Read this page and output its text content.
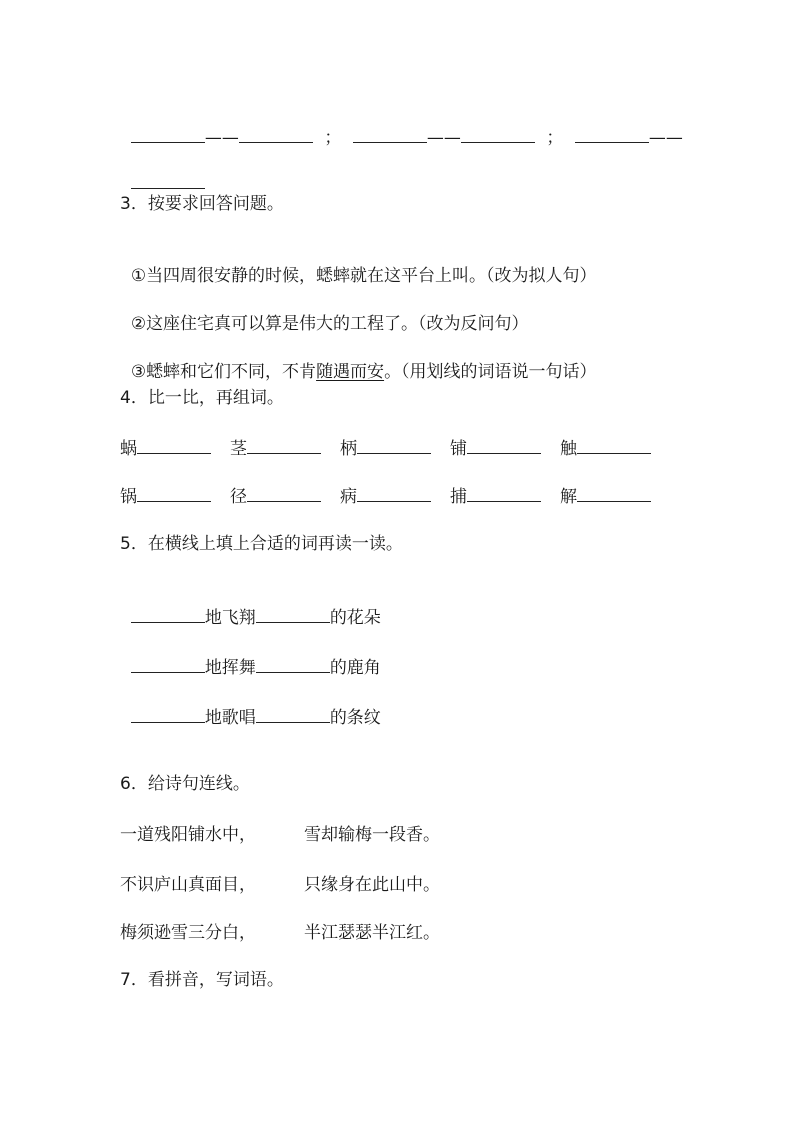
——	；	——	；	——

3．按要求回答问题。

①当四周很安静的时候，蟋蟀就在这平台上叫。（改为拟人句）

②这座住宅真可以算是伟大的工程了。（改为反问句）

③蟋蟀和它们不同，不肯随遇而安。（用划线的词语说一句话）

4．比一比，再组词。
蜗	茎	柄	铺	触
锅	径	病	捕	解
5．在横线上填上合适的词再读一读。

地飞翔	的花朵

地挥舞	的鹿角

地歌唱	的条纹

6．给诗句连线。
一道残阳铺水中，	雪却输梅一段香。
不识庐山真面目，	只缘身在此山中。
梅须逊雪三分白，	半江瑟瑟半江红。
7．看拼音，写词语。
